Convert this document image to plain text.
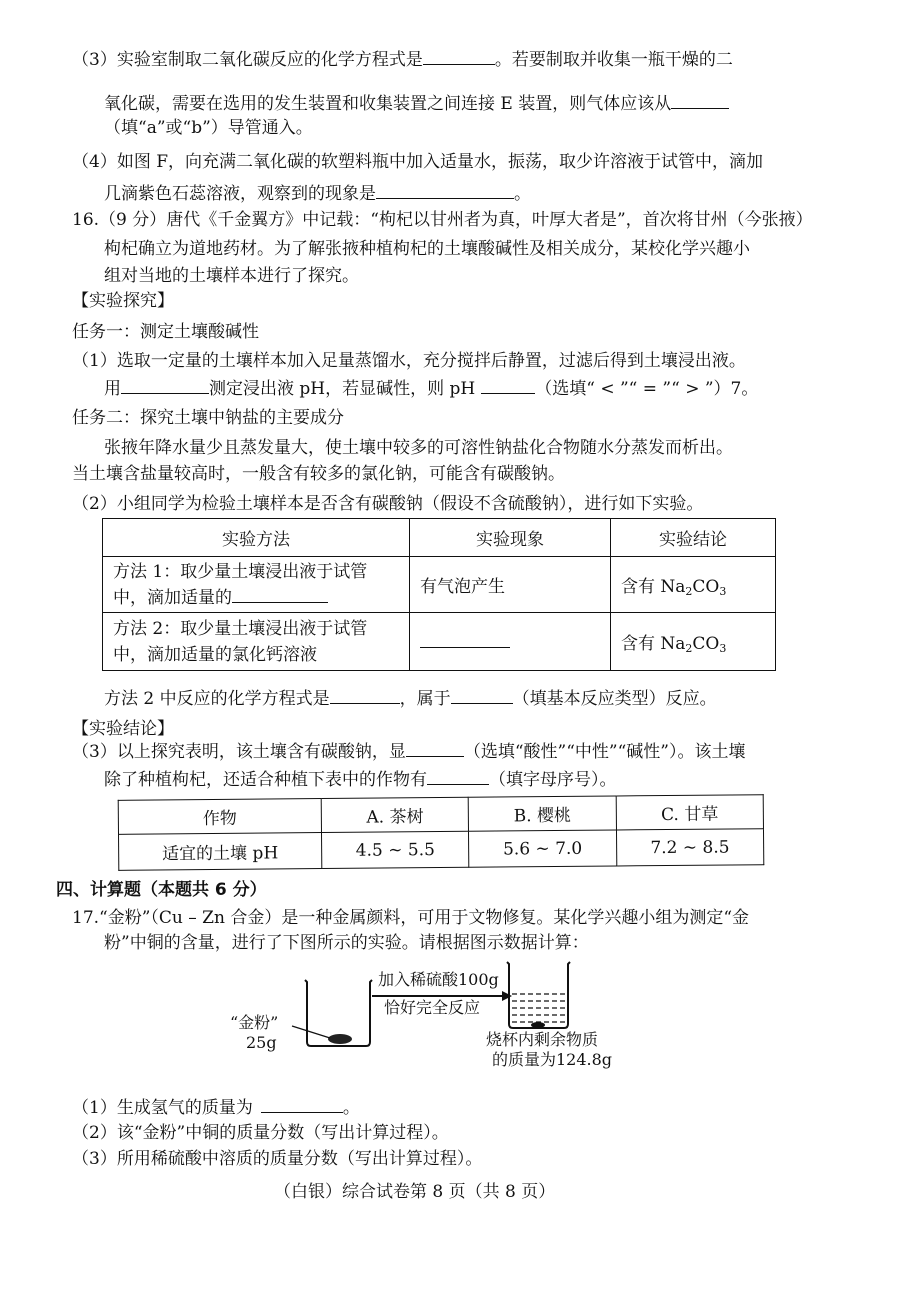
（3）实验室制取二氧化碳反应的化学方程式是	。若要制取并收集一瓶干燥的二
氧化碳，需要在选用的发生装置和收集装置之间连接 E 装置，则气体应该从
（填“a”或“b”）导管通入。
（4）如图 F，向充满二氧化碳的软塑料瓶中加入适量水，振荡，取少许溶液于试管中，滴加
几滴紫色石蕊溶液，观察到的现象是	。
16.（9 分）唐代《千金翼方》中记载：“枸杞以甘州者为真，叶厚大者是”，首次将甘州（今张掖）
枸杞确立为道地药材。为了解张掖种植枸杞的土壤酸碱性及相关成分，某校化学兴趣小
组对当地的土壤样本进行了探究。
【实验探究】
任务一：测定土壤酸碱性
（1）选取一定量的土壤样本加入足量蒸馏水，充分搅拌后静置，过滤后得到土壤浸出液。
用	测定浸出液 pH，若显碱性，则 pH	（选填“ < ”“ = ”“ > ”）7。
任务二：探究土壤中钠盐的主要成分
张掖年降水量少且蒸发量大，使土壤中较多的可溶性钠盐化合物随水分蒸发而析出。
当土壤含盐量较高时，一般含有较多的氯化钠，可能含有碳酸钠。
（2）小组同学为检验土壤样本是否含有碳酸钠（假设不含硫酸钠），进行如下实验。
实验方法	实验现象	实验结论

方法 1：取少量土壤浸出液于试管
中，滴加适量的	有气泡产生	含有 $Na_2CO_3$

方法 2：取少量土壤浸出液于试管
中，滴加适量的氯化钙溶液		含有 $Na_2CO_3$
方法 2 中反应的化学方程式是	，属于	（填基本反应类型）反应。
【实验结论】
（3）以上探究表明，该土壤含有碳酸钠，显	（选填“酸性”“中性”“碱性”）。该土壤
除了种植枸杞，还适合种植下表中的作物有	（填字母序号）。
作物	A. 茶树	B. 樱桃	C. 甘草
适宜的土壤 pH	4.5 ~ 5.5	5.6 ~ 7.0	7.2 ~ 8.5
四、计算题（本题共 6 分）
17.“金粉”（Cu – Zn 合金）是一种金属颜料，可用于文物修复。某化学兴趣小组为测定“金
粉”中铜的含量，进行了下图所示的实验。请根据图示数据计算：
“金粉”
25g
加入稀硫酸100g
恰好完全反应
烧杯内剩余物质
的质量为124.8g
（1）生成氢气的质量为	。
（2）该“金粉”中铜的质量分数（写出计算过程）。
（3）所用稀硫酸中溶质的质量分数（写出计算过程）。
（白银）综合试卷第 8 页（共 8 页）
